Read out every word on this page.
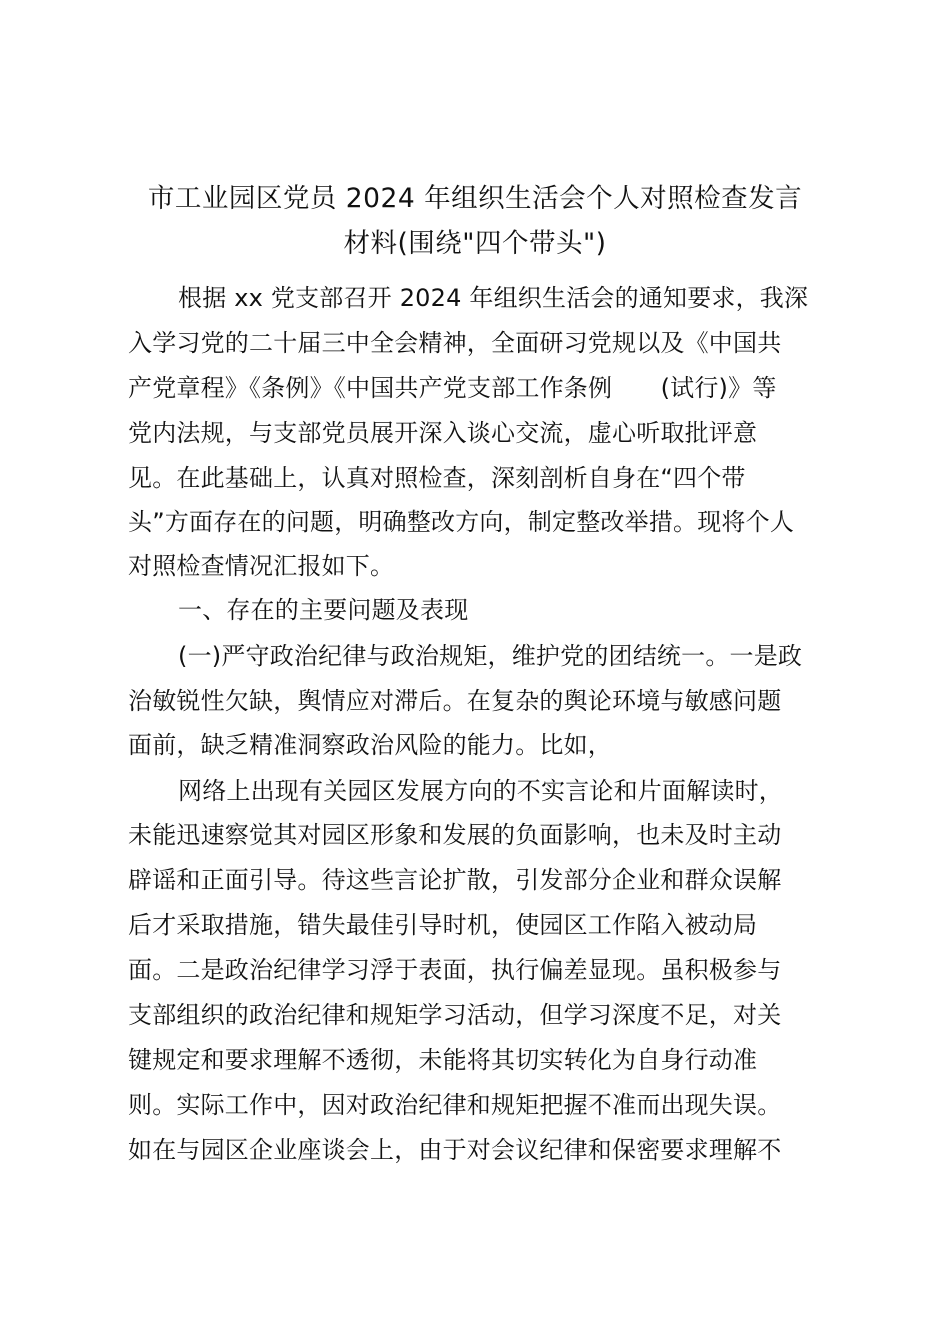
市工业园区党员 2024 年组织生活会个人对照检查发言
材料(围绕"四个带头")
根据 xx 党支部召开 2024 年组织生活会的通知要求，我深
入学习党的二十届三中全会精神，全面研习党规以及《中国共
产党章程》《条例》《中国共产党支部工作条例　　(试行)》等
党内法规，与支部党员展开深入谈心交流，虚心听取批评意
见。在此基础上，认真对照检查，深刻剖析自身在“四个带
头”方面存在的问题，明确整改方向，制定整改举措。现将个人
对照检查情况汇报如下。
一、存在的主要问题及表现
(一)严守政治纪律与政治规矩，维护党的团结统一。一是政
治敏锐性欠缺，舆情应对滞后。在复杂的舆论环境与敏感问题
面前，缺乏精准洞察政治风险的能力。比如，
网络上出现有关园区发展方向的不实言论和片面解读时，
未能迅速察觉其对园区形象和发展的负面影响，也未及时主动
辟谣和正面引导。待这些言论扩散，引发部分企业和群众误解
后才采取措施，错失最佳引导时机，使园区工作陷入被动局
面。二是政治纪律学习浮于表面，执行偏差显现。虽积极参与
支部组织的政治纪律和规矩学习活动，但学习深度不足，对关
键规定和要求理解不透彻，未能将其切实转化为自身行动准
则。实际工作中，因对政治纪律和规矩把握不准而出现失误。
如在与园区企业座谈会上，由于对会议纪律和保密要求理解不
